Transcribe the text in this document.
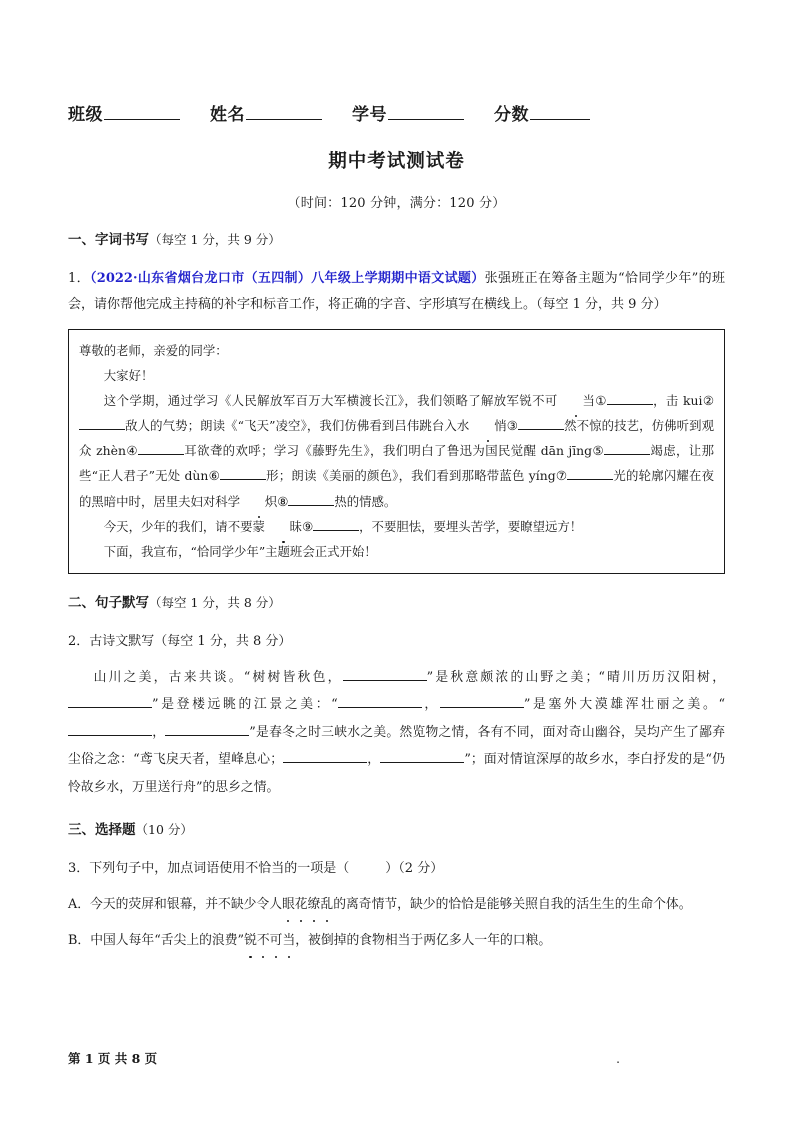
班级	姓名	学号	分数
期中考试测试卷
（时间：120 分钟，满分：120 分）
一、字词书写（每空 1 分，共 9 分）
1．（2022·山东省烟台龙口市（五四制）八年级上学期期中语文试题）张强班正在筹备主题为“恰同学少年”的班会，请你帮他完成主持稿的补字和标音工作，将正确的字音、字形填写在横线上。（每空 1 分，共 9 分）

尊敬的老师，亲爱的同学：

大家好！

这个学期，通过学习《人民解放军百万大军横渡长江》，我们领略了解放军锐不可 当①	，击 kui②敌人的气势；朗读《“飞天”凌空》，我们仿佛看到吕伟跳台入水 悄③	然不惊的技艺，仿佛听到观众 zhèn④	耳欲聋的欢呼；学习《藤野先生》，我们明白了鲁迅为国民觉醒 dān jīng⑤	竭虑，让那些“正人君子”无处 dùn⑥	形；朗读《美丽的颜色》，我们看到那略带蓝色 yíng⑦	光的轮廓闪耀在夜的黑暗中时，居里夫妇对科学 炽⑧	热的情感。

今天，少年的我们，请不要蒙 昧⑨	，不要胆怯，要埋头苦学，要瞭望远方！

下面，我宣布，“恰同学少年”主题班会正式开始！

二、句子默写（每空 1 分，共 8 分）
2．古诗文默写（每空 1 分，共 8 分）

山川之美，古来共谈。“树树皆秋色，	”是秋意颇浓的山野之美；“晴川历历汉阳树，”是登楼远眺的江景之美：“	，	”是塞外大漠雄浑壮丽之美。“，	”是春冬之时三峡水之美。然览物之情，各有不同，面对奇山幽谷，吴均产生了鄙弃尘俗之念：“鸢飞戾天者，望峰息心；	，	”；面对情谊深厚的故乡水，李白抒发的是“仍怜故乡水，万里送行舟”的思乡之情。

三、选择题（10 分）
3．下列句子中，加点词语使用不恰当的一项是（	）（2 分）
A．今天的荧屏和银幕，并不缺少令人眼花缭乱的离奇情节，缺少的恰恰是能够关照自我的活生生的生命个体。
B．中国人每年“舌尖上的浪费”锐不可当，被倒掉的食物相当于两亿多人一年的口粮。
第 1 页 共 8 页	.
